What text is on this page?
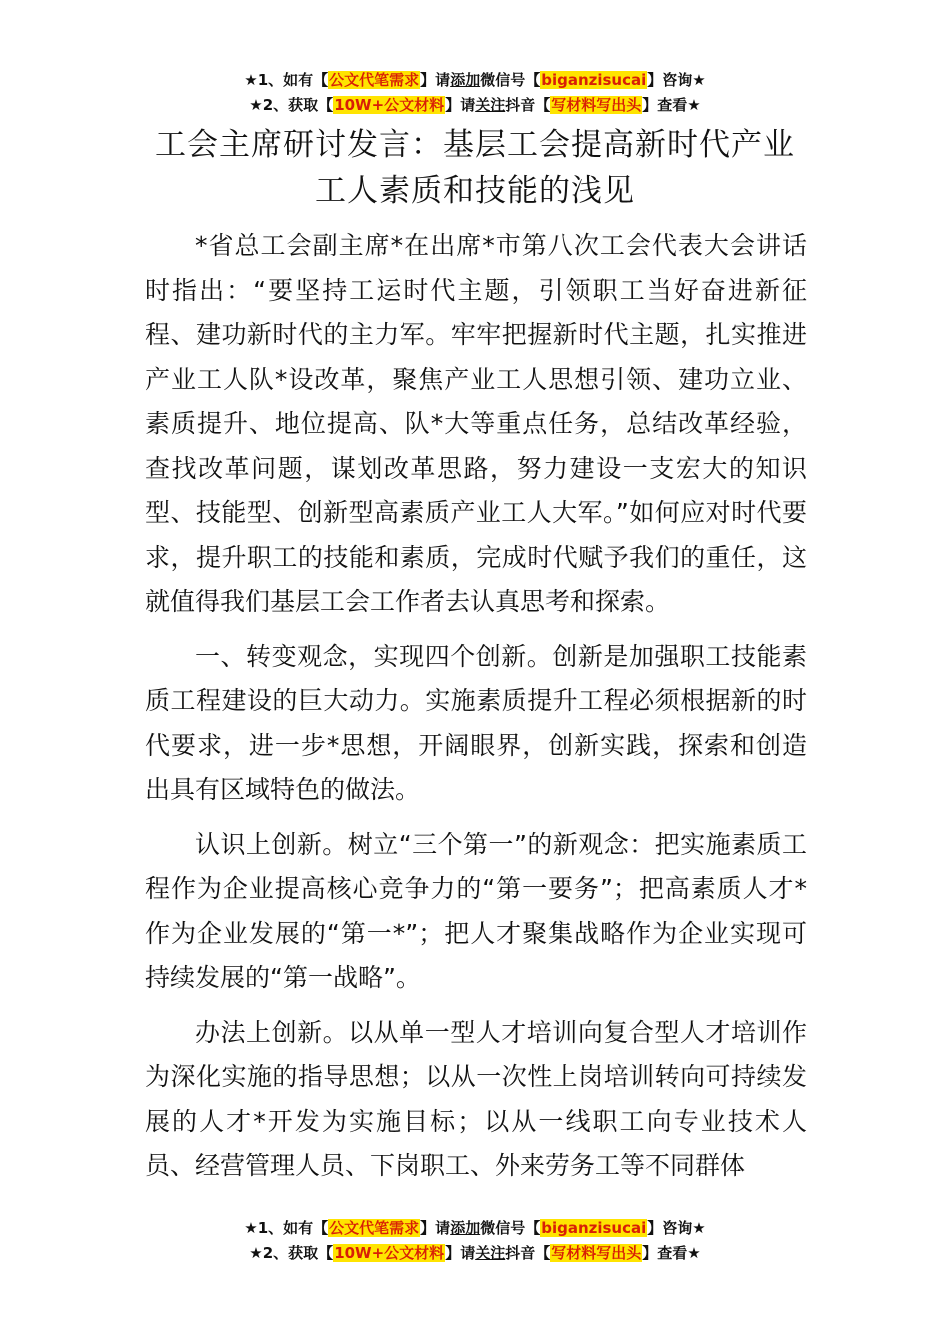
★1、如有【公文代笔需求】请添加微信号【biganzisucai】咨询★
★2、获取【10W+公文材料】请关注抖音【写材料写出头】查看★
工会主席研讨发言：基层工会提高新时代产业工人素质和技能的浅见

*省总工会副主席*在出席*市第八次工会代表大会讲话时指出：“要坚持工运时代主题，引领职工当好奋进新征程、建功新时代的主力军。牢牢把握新时代主题，扎实推进产业工人队*设改革，聚焦产业工人思想引领、建功立业、素质提升、地位提高、队*大等重点任务，总结改革经验，查找改革问题，谋划改革思路，努力建设一支宏大的知识型、技能型、创新型高素质产业工人大军。”如何应对时代要求，提升职工的技能和素质，完成时代赋予我们的重任，这就值得我们基层工会工作者去认真思考和探索。

一、转变观念，实现四个创新。创新是加强职工技能素质工程建设的巨大动力。实施素质提升工程必须根据新的时代要求，进一步*思想，开阔眼界，创新实践，探索和创造出具有区域特色的做法。

认识上创新。树立“三个第一”的新观念：把实施素质工程作为企业提高核心竞争力的“第一要务”；把高素质人才*作为企业发展的“第一*”；把人才聚集战略作为企业实现可持续发展的“第一战略”。

办法上创新。以从单一型人才培训向复合型人才培训作为深化实施的指导思想；以从一次性上岗培训转向可持续发展的人才*开发为实施目标；以从一线职工向专业技术人员、经营管理人员、下岗职工、外来劳务工等不同群体

★1、如有【公文代笔需求】请添加微信号【biganzisucai】咨询★
★2、获取【10W+公文材料】请关注抖音【写材料写出头】查看★
